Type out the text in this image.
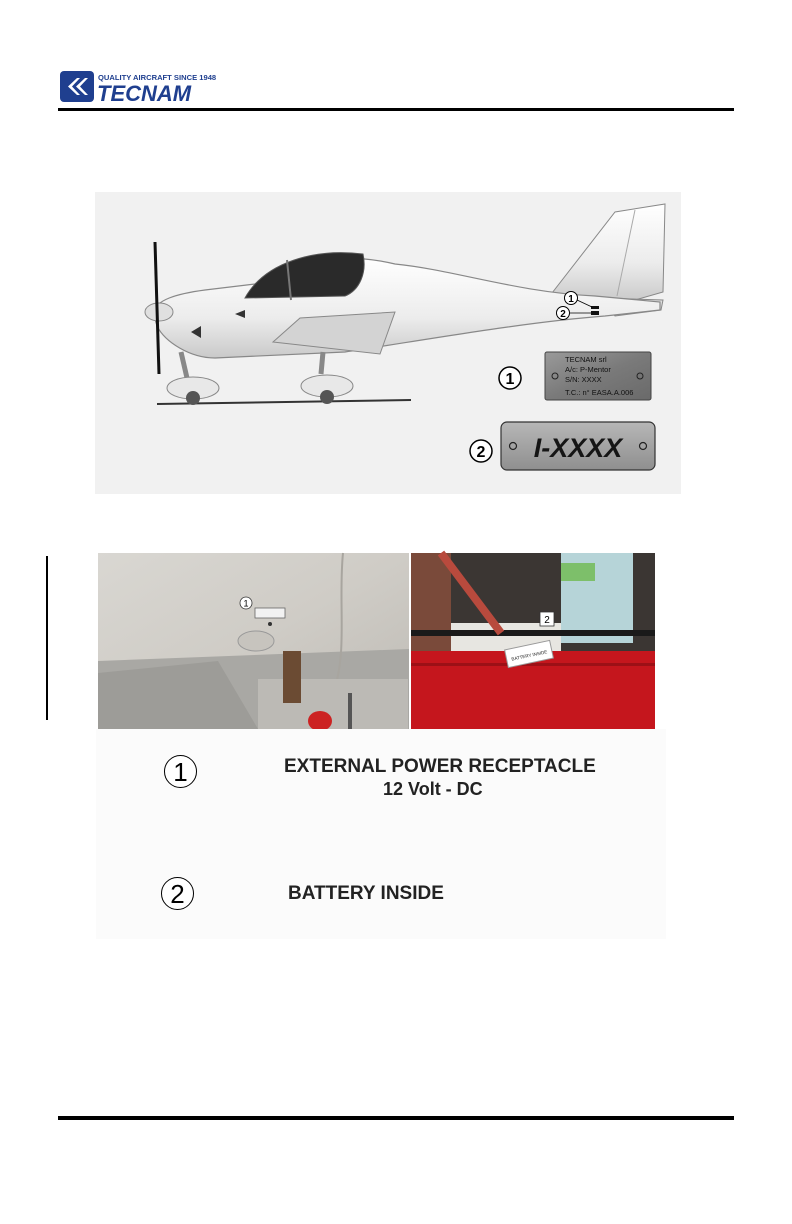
QUALITY AIRCRAFT SINCE 1948
TECNAM
1
2
1
TECNAM srl
A/c: P-Mentor
S/N: XXXX
T.C.: n° EASA.A.006
2 I-XXXX
1
BATTERY INSIDE
2
1	EXTERNAL POWER RECEPTACLE
12 Volt - DC
2	BATTERY INSIDE
